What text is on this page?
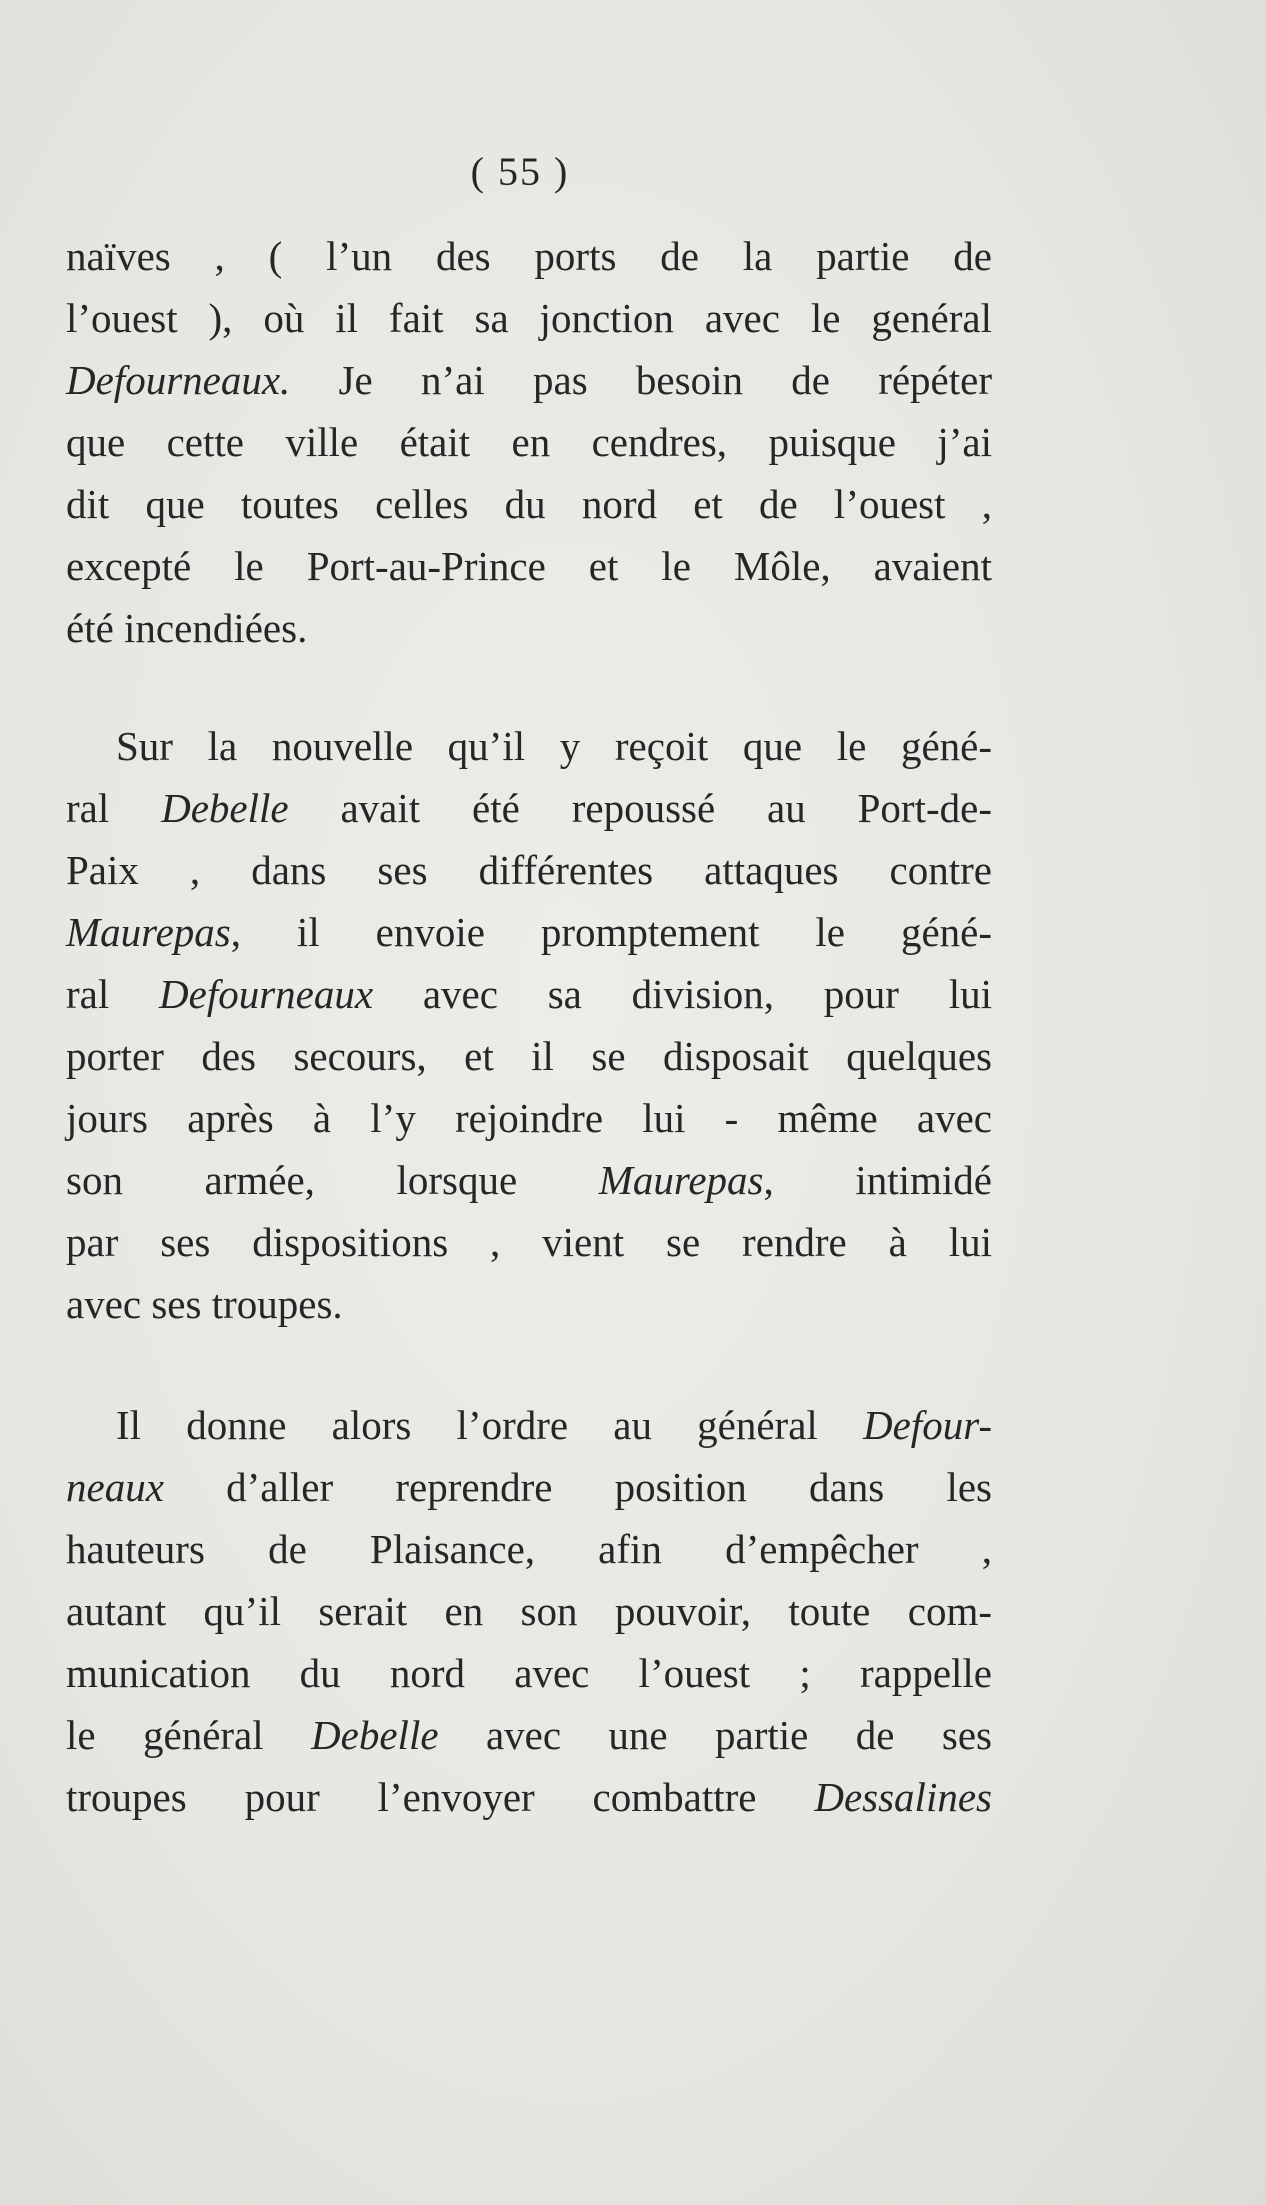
( 55 )
naïves , ( l’un des ports de la partie de
l’ouest ), où il fait sa jonction avec le genéral
Defourneaux. Je n’ai pas besoin de répéter
que cette ville était en cendres, puisque j’ai
dit que toutes celles du nord et de l’ouest ,
excepté le Port-au-Prince et le Môle, avaient
été incendiées.
Sur la nouvelle qu’il y reçoit que le géné-
ral Debelle avait été repoussé au Port-de-
Paix , dans ses différentes attaques contre
Maurepas, il envoie promptement le géné-
ral Defourneaux avec sa division, pour lui
porter des secours, et il se disposait quelques
jours après à l’y rejoindre lui - même avec
son armée, lorsque Maurepas, intimidé
par ses dispositions , vient se rendre à lui
avec ses troupes.
Il donne alors l’ordre au général Defour-
neaux d’aller reprendre position dans les
hauteurs de Plaisance, afin d’empêcher ,
autant qu’il serait en son pouvoir, toute com-
munication du nord avec l’ouest ; rappelle
le général Debelle avec une partie de ses
troupes pour l’envoyer combattre Dessalines
